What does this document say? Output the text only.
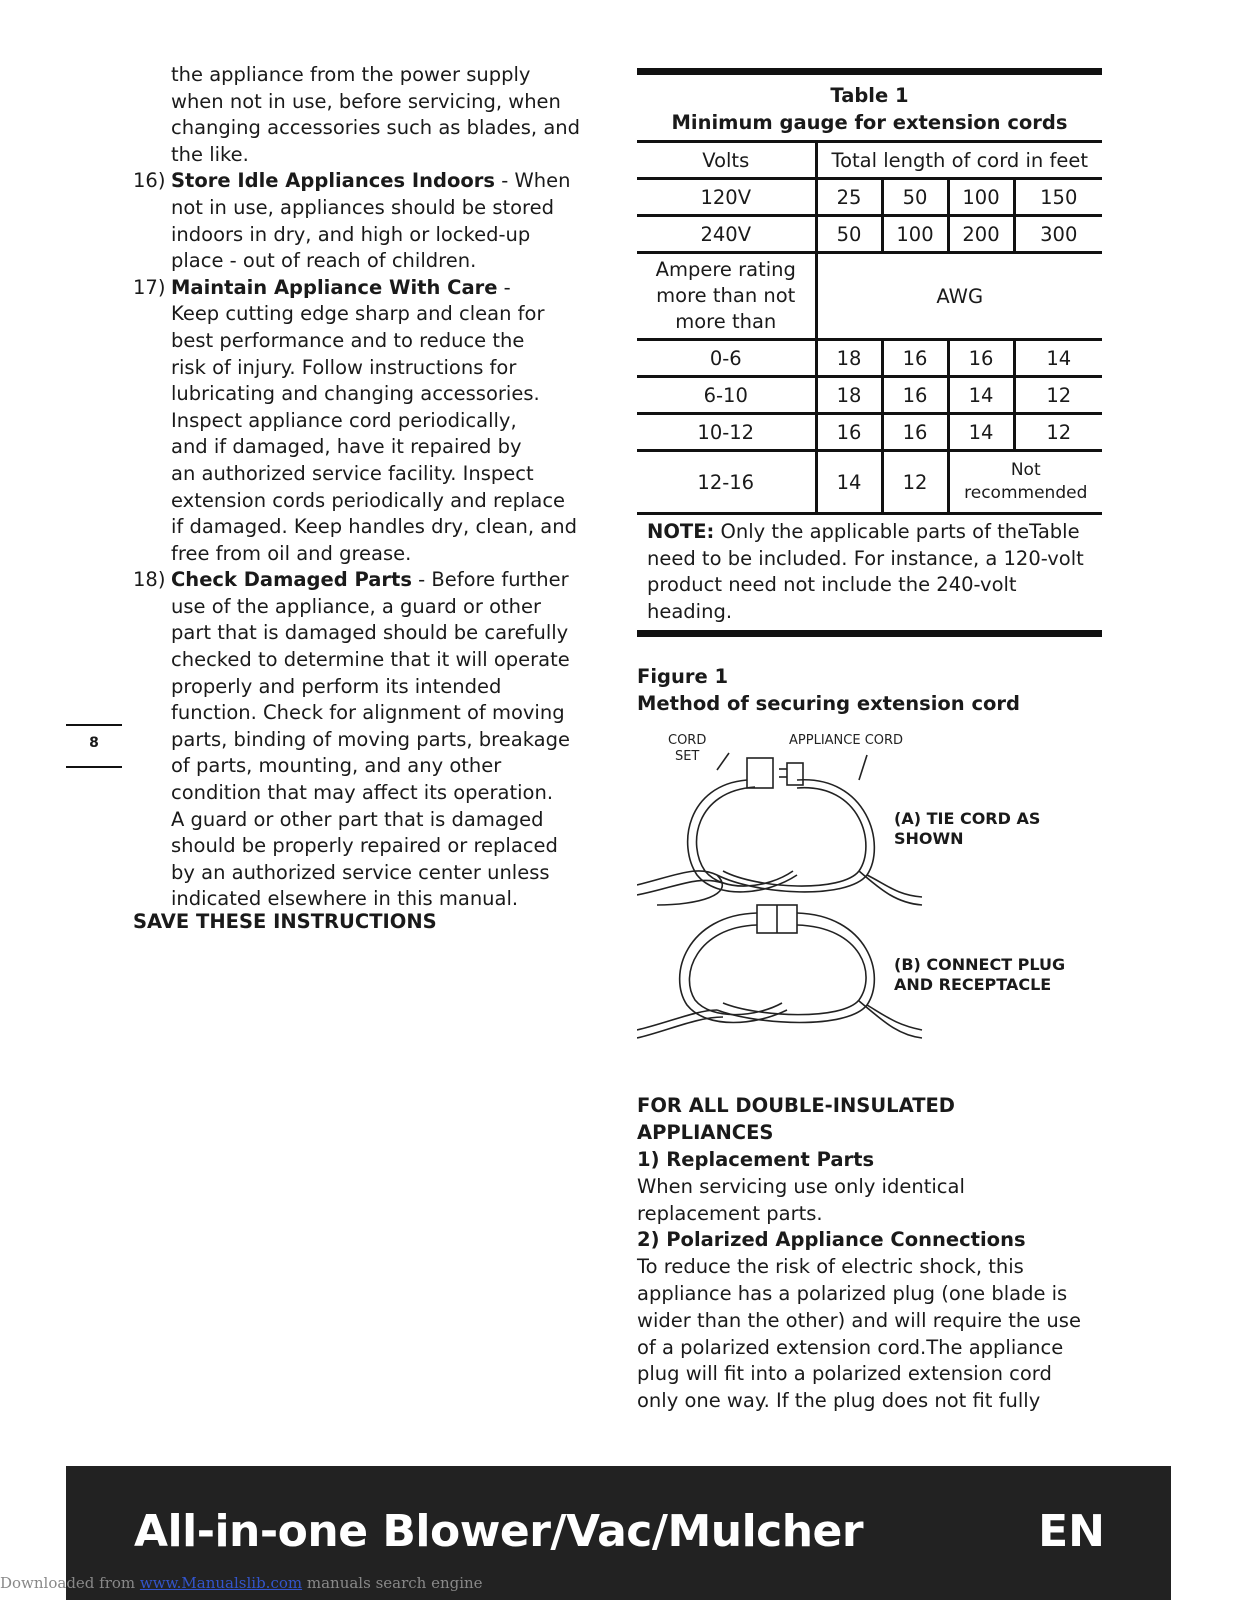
the appliance from the power supply
when not in use, before servicing, when
changing accessories such as blades, and
the like.
16) Store Idle Appliances Indoors - When
not in use, appliances should be stored
indoors in dry, and high or locked-up
place - out of reach of children.
17) Maintain Appliance With Care -
Keep cutting edge sharp and clean for
best performance and to reduce the
risk of injury. Follow instructions for
lubricating and changing accessories.
Inspect appliance cord periodically,
and if damaged, have it repaired by
an authorized service facility. Inspect
extension cords periodically and replace
if damaged. Keep handles dry, clean, and
free from oil and grease.
18) Check Damaged Parts - Before further
use of the appliance, a guard or other
part that is damaged should be carefully
checked to determine that it will operate
properly and perform its intended
function. Check for alignment of moving
parts, binding of moving parts, breakage
of parts, mounting, and any other
condition that may affect its operation.
A guard or other part that is damaged
should be properly repaired or replaced
by an authorized service center unless
indicated elsewhere in this manual.
SAVE THESE INSTRUCTIONS
8
Table 1
Minimum gauge for extension cords
Volts	Total length of cord in feet			
120V	25	50	100	150
240V	50	100	200	300
Ampere rating more than not more than	AWG			
0-6	18	16	16	14
6-10	18	16	14	12
10-12	16	16	14	12
12-16	14	12	Not recommended	
NOTE: Only the applicable parts of theTable need to be included. For instance, a 120-volt product need not include the 240-volt heading.
Figure 1
Method of securing extension cord
CORD
SET
APPLIANCE CORD
(A) TIE CORD AS
SHOWN
(B) CONNECT PLUG
AND RECEPTACLE
FOR ALL DOUBLE-INSULATED
APPLIANCES
1) Replacement Parts
When servicing use only identical
replacement parts.
2) Polarized Appliance Connections
To reduce the risk of electric shock, this
appliance has a polarized plug (one blade is
wider than the other) and will require the use
of a polarized extension cord.The appliance
plug will fit into a polarized extension cord
only one way. If the plug does not fit fully
All-in-one Blower/Vac/Mulcher	EN
Downloaded from www.Manualslib.com manuals search engine
